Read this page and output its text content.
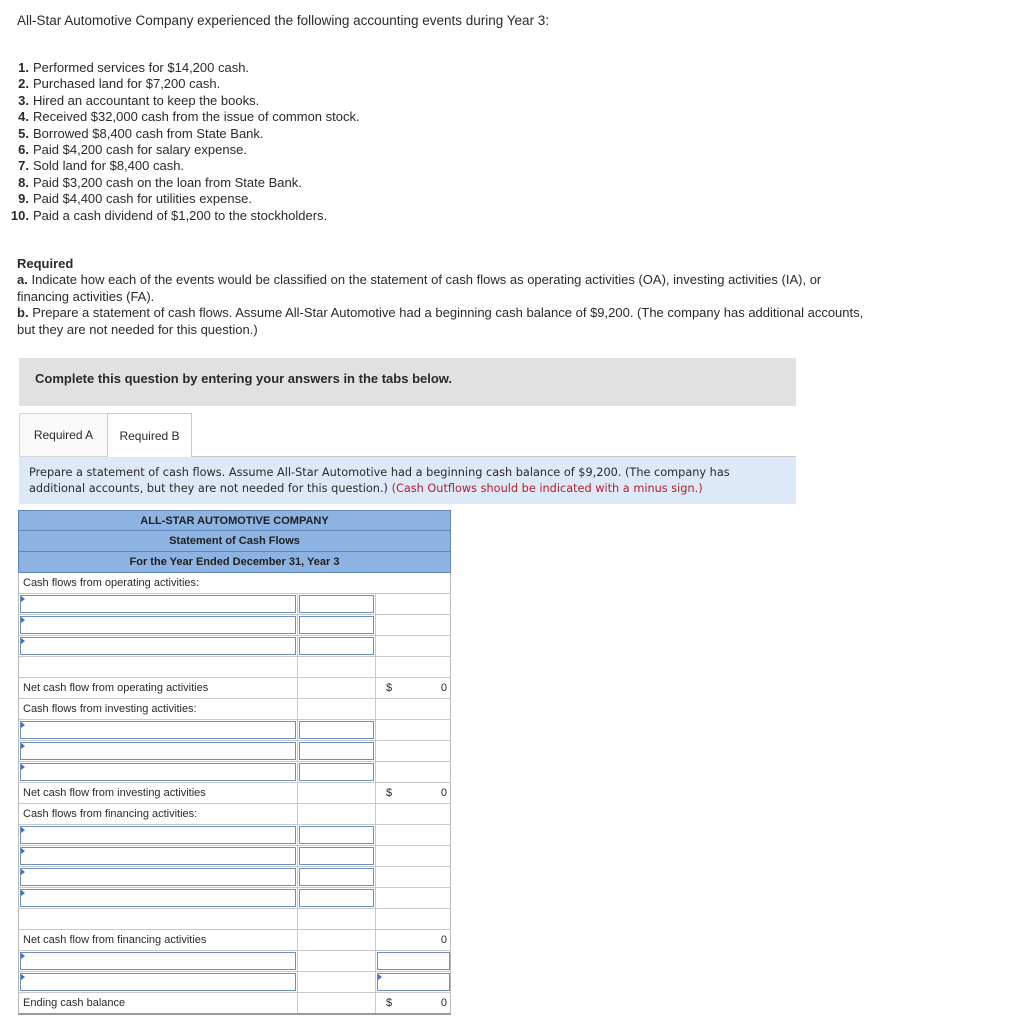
All-Star Automotive Company experienced the following accounting events during Year 3:
1. Performed services for $14,200 cash.
2. Purchased land for $7,200 cash.
3. Hired an accountant to keep the books.
4. Received $32,000 cash from the issue of common stock.
5. Borrowed $8,400 cash from State Bank.
6. Paid $4,200 cash for salary expense.
7. Sold land for $8,400 cash.
8. Paid $3,200 cash on the loan from State Bank.
9. Paid $4,400 cash for utilities expense.
10. Paid a cash dividend of $1,200 to the stockholders.
Required
a. Indicate how each of the events would be classified on the statement of cash flows as operating activities (OA), investing activities (IA), or financing activities (FA).
b. Prepare a statement of cash flows. Assume All-Star Automotive had a beginning cash balance of $9,200. (The company has additional accounts, but they are not needed for this question.)
Complete this question by entering your answers in the tabs below.
Required A	Required B
Prepare a statement of cash flows. Assume All-Star Automotive had a beginning cash balance of $9,200. (The company has additional accounts, but they are not needed for this question.) (Cash Outflows should be indicated with a minus sign.)
ALL-STAR AUTOMOTIVE COMPANY
Statement of Cash Flows
For the Year Ended December 31, Year 3
Cash flows from operating activities:
Net cash flow from operating activities	$	0
Cash flows from investing activities:
Net cash flow from investing activities	$	0
Cash flows from financing activities:
Net cash flow from financing activities	0
Ending cash balance	$	0
